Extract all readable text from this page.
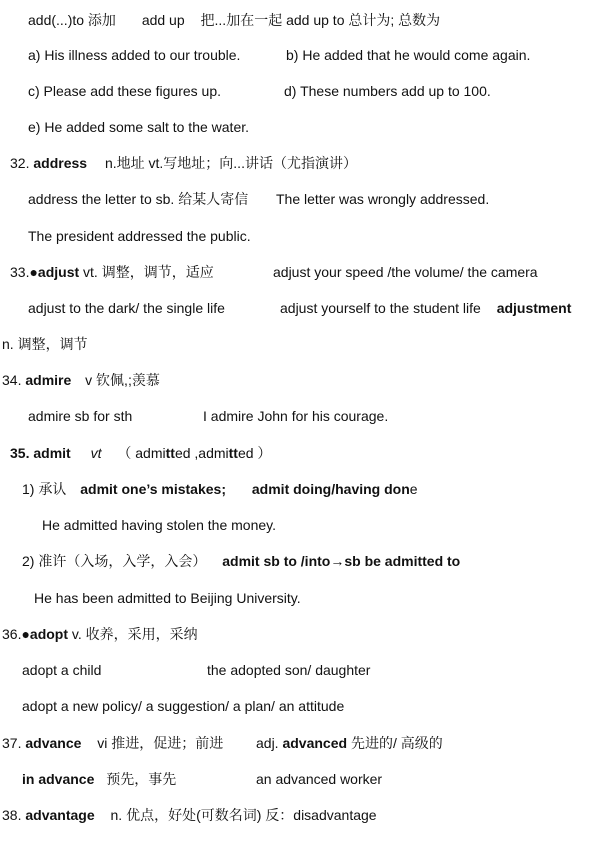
add(...)to 添加 add up 把...加在一起 add up to 总计为; 总数为
a) His illness added to our trouble.	b) He added that he would come again.
c) Please add these figures up.	d) These numbers add up to 100.
e) He added some salt to the water.
32. address n.地址 vt.写地址；向...讲话（尤指演讲）
address the letter to sb. 给某人寄信 The letter was wrongly addressed.
The president addressed the public.
33.●adjust vt. 调整，调节，适应	adjust your speed /the volume/ the camera
adjust to the dark/ the single life	adjust yourself to the student life adjustment
n. 调整，调节
34. admire v 钦佩,;羡慕
admire sb for sth	I admire John for his courage.
35. admit vt （ admitted ,admitted ）
1) 承认 admit one’s mistakes; admit doing/having done
He admitted having stolen the money.
2) 准许（入场，入学，入会） admit sb to /into→sb be admitted to
He has been admitted to Beijing University.
36.●adopt v. 收养，采用，采纳
adopt a child	the adopted son/ daughter
adopt a new policy/ a suggestion/ a plan/ an attitude
37. advance vi 推进，促进；前进 adj. advanced 先进的/ 高级的
in advance 预先，事先	an advanced worker
38. advantage n. 优点，好处(可数名词) 反：disadvantage
